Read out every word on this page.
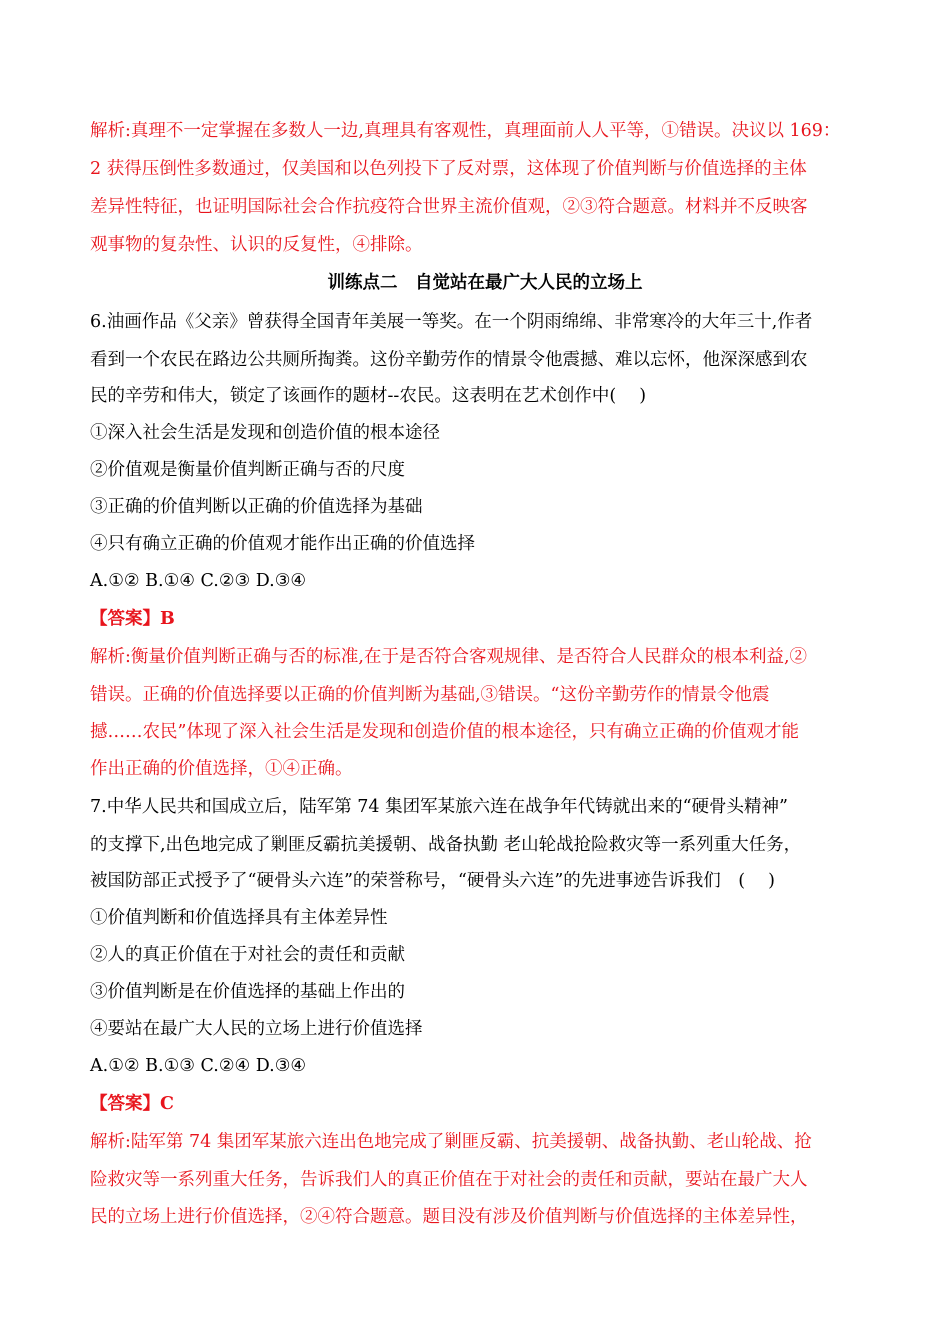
解析:真理不一定掌握在多数人一边,真理具有客观性，真理面前人人平等，①错误。决议以 169：
2 获得压倒性多数通过，仅美国和以色列投下了反对票，这体现了价值判断与价值选择的主体
差异性特征，也证明国际社会合作抗疫符合世界主流价值观，②③符合题意。材料并不反映客
观事物的复杂性、认识的反复性，④排除。
训练点二　自觉站在最广大人民的立场上
6.油画作品《父亲》曾获得全国青年美展一等奖。在一个阴雨绵绵、非常寒冷的大年三十,作者
看到一个农民在路边公共厕所掏粪。这份辛勤劳作的情景令他震撼、难以忘怀，他深深感到农
民的辛劳和伟大，锁定了该画作的题材--农民。这表明在艺术创作中(　 )
①深入社会生活是发现和创造价值的根本途径
②价值观是衡量价值判断正确与否的尺度
③正确的价值判断以正确的价值选择为基础
④只有确立正确的价值观才能作出正确的价值选择
A.①② B.①④ C.②③ D.③④
【答案】B
解析:衡量价值判断正确与否的标准,在于是否符合客观规律、是否符合人民群众的根本利益,②
错误。正确的价值选择要以正确的价值判断为基础,③错误。“这份辛勤劳作的情景令他震
撼……农民”体现了深入社会生活是发现和创造价值的根本途径，只有确立正确的价值观才能
作出正确的价值选择，①④正确。
7.中华人民共和国成立后，陆军第 74 集团军某旅六连在战争年代铸就出来的“硬骨头精神”
的支撑下,出色地完成了剿匪反霸抗美援朝、战备执勤 老山轮战抢险救灾等一系列重大任务，
被国防部正式授予了“硬骨头六连”的荣誉称号，“硬骨头六连”的先进事迹告诉我们　(　 )
①价值判断和价值选择具有主体差异性
②人的真正价值在于对社会的责任和贡献
③价值判断是在价值选择的基础上作出的
④要站在最广大人民的立场上进行价值选择
A.①② B.①③ C.②④ D.③④
【答案】C
解析:陆军第 74 集团军某旅六连出色地完成了剿匪反霸、抗美援朝、战备执勤、老山轮战、抢
险救灾等一系列重大任务，告诉我们人的真正价值在于对社会的责任和贡献，要站在最广大人
民的立场上进行价值选择，②④符合题意。题目没有涉及价值判断与价值选择的主体差异性，
